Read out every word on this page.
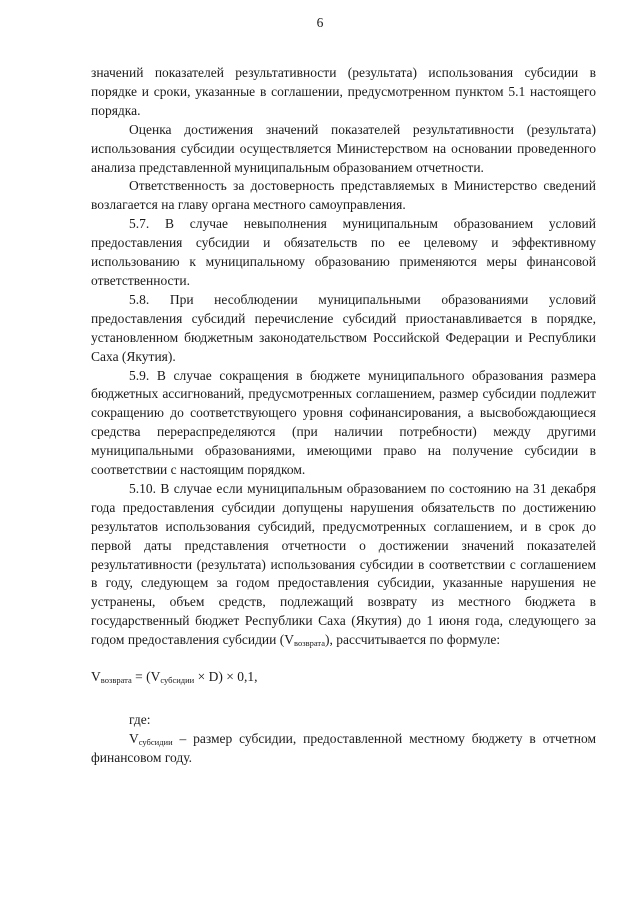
6

значений показателей результативности (результата) использования субсидии в порядке и сроки, указанные в соглашении, предусмотренном пунктом 5.1 настоящего порядка.

Оценка достижения значений показателей результативности (результата) использования субсидии осуществляется Министерством на основании проведенного анализа представленной муниципальным образованием отчетности.

Ответственность за достоверность представляемых в Министерство сведений возлагается на главу органа местного самоуправления.

5.7. В случае невыполнения муниципальным образованием условий предоставления субсидии и обязательств по ее целевому и эффективному использованию к муниципальному образованию применяются меры финансовой ответственности.

5.8. При несоблюдении муниципальными образованиями условий предоставления субсидий перечисление субсидий приостанавливается в порядке, установленном бюджетным законодательством Российской Федерации и Республики Саха (Якутия).

5.9. В случае сокращения в бюджете муниципального образования размера бюджетных ассигнований, предусмотренных соглашением, размер субсидии подлежит сокращению до соответствующего уровня софинансирования, а высвобождающиеся средства перераспределяются (при наличии потребности) между другими муниципальными образованиями, имеющими право на получение субсидии в соответствии с настоящим порядком.

5.10. В случае если муниципальным образованием по состоянию на 31 декабря года предоставления субсидии допущены нарушения обязательств по достижению результатов использования субсидий, предусмотренных соглашением, и в срок до первой даты представления отчетности о достижении значений показателей результативности (результата) использования субсидии в соответствии с соглашением в году, следующем за годом предоставления субсидии, указанные нарушения не устранены, объем средств, подлежащий возврату из местного бюджета в государственный бюджет Республики Саха (Якутия) до 1 июня года, следующего за годом предоставления субсидии $(V_{возврата})$, рассчитывается по формуле:

$V_{возврата} = (V_{субсидии} \times D) \times 0,1$,

где:

$V_{субсидии}$ – размер субсидии, предоставленной местному бюджету в отчетном финансовом году.
